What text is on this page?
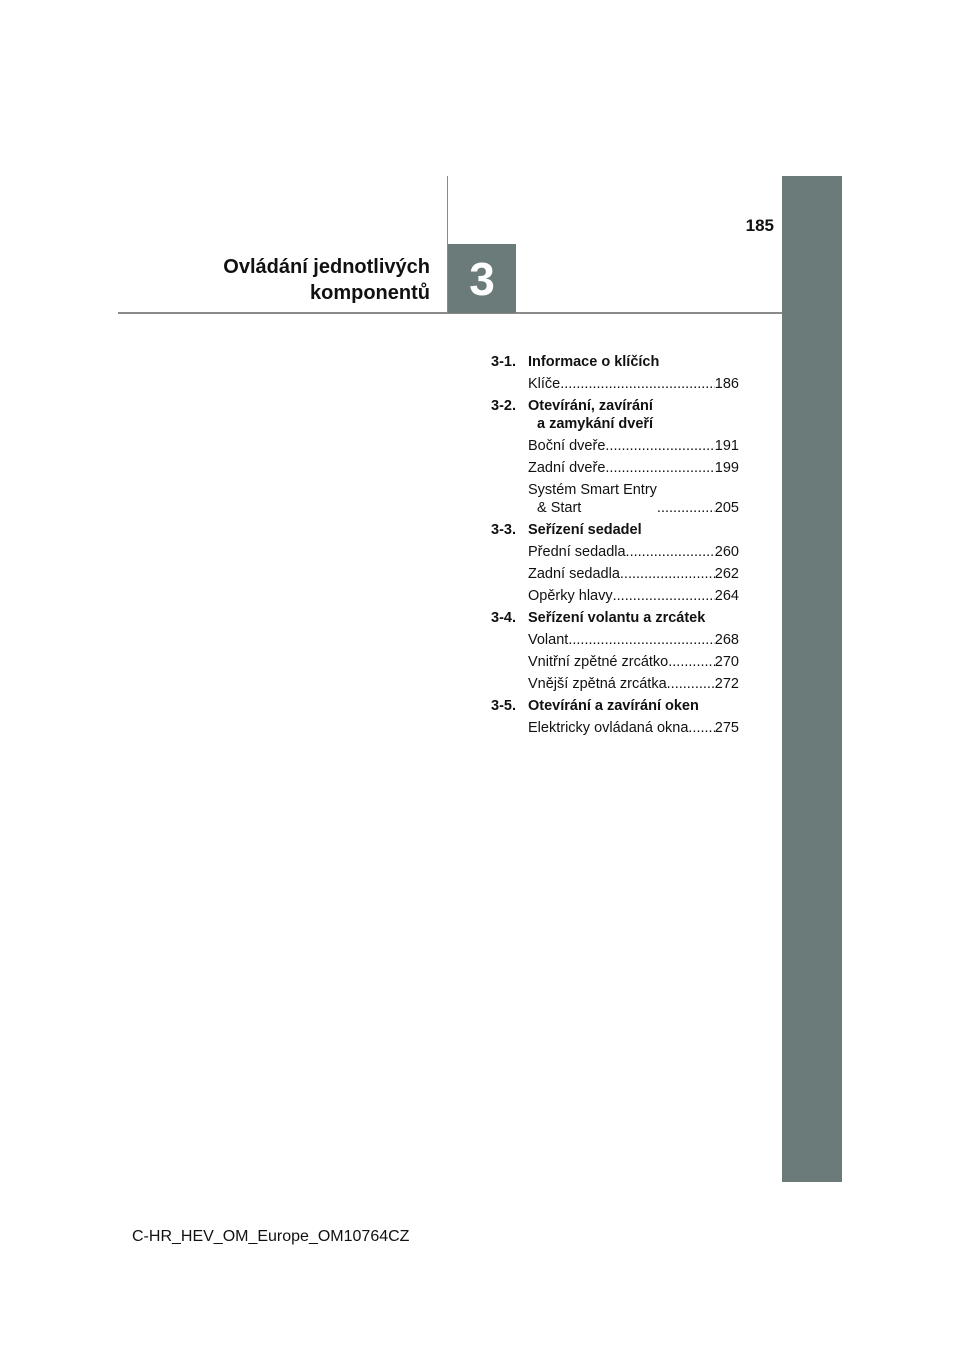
185
Ovládání jednotlivých
komponentů 3
3-1. Informace o klíčích
Klíče .....	186
3-2. Otevírání, zavírání
a zamykání dveří
Boční dveře .....	191
Zadní dveře .....	199
Systém Smart Entry
& Start .....	205
3-3. Seřízení sedadel
Přední sedadla .....	260
Zadní sedadla .....	262
Opěrky hlavy .....	264
3-4. Seřízení volantu a zrcátek
Volant .....	268
Vnitřní zpětné zrcátko .....	270
Vnější zpětná zrcátka .....	272
3-5. Otevírání a zavírání oken
Elektricky ovládaná okna ..... 275
C-HR_HEV_OM_Europe_OM10764CZ
